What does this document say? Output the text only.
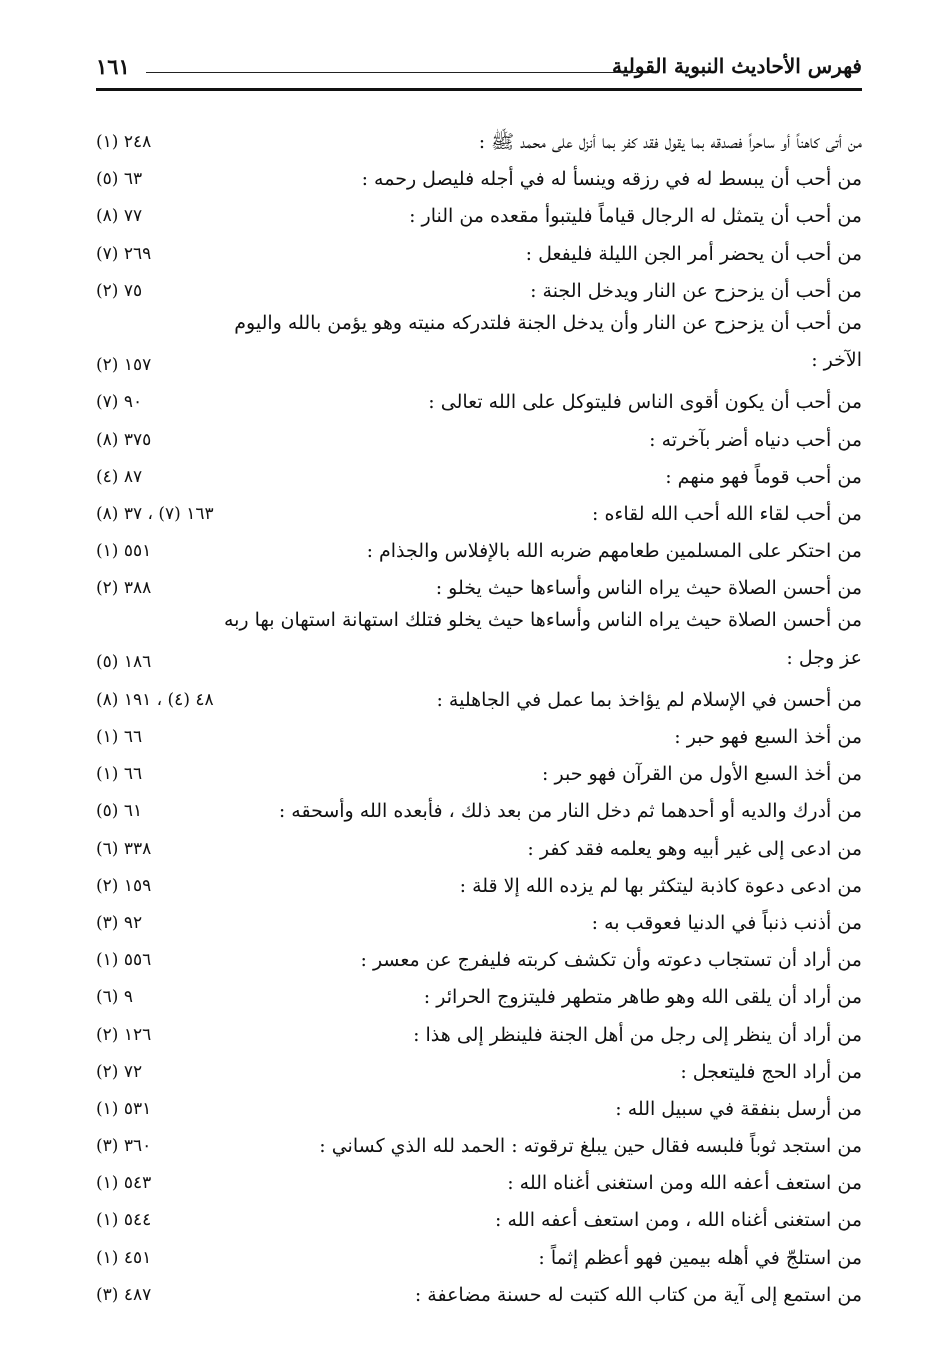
فهرس الأحاديث النبوية القولية
١٦١
من أتى كاهناً أو ساحراً فصدقه بما يقول فقد كفر بما أنزل على محمد ﷺ :
٢٤٨ (١)
من أحب أن يبسط له في رزقه وينسأ له في أجله فليصل رحمه :
٦٣ (٥)
من أحب أن يتمثل له الرجال قياماً فليتبوأ مقعده من النار :
٧٧ (٨)
من أحب أن يحضر أمر الجن الليلة فليفعل :
٢٦٩ (٧)
من أحب أن يزحزح عن النار ويدخل الجنة :
٧٥ (٢)
من أحب أن يزحزح عن النار وأن يدخل الجنة فلتدركه منيته وهو يؤمن بالله واليوم الآخر :
١٥٧ (٢)
من أحب أن يكون أقوى الناس فليتوكل على الله تعالى :
٩٠ (٧)
من أحب دنياه أضر بآخرته :
٣٧٥ (٨)
من أحب قوماً فهو منهم :
٨٧ (٤)
من أحب لقاء الله أحب الله لقاءه :
١٦٣ (٧) ، ٣٧ (٨)
من احتكر على المسلمين طعامهم ضربه الله بالإفلاس والجذام :
٥٥١ (١)
من أحسن الصلاة حيث يراه الناس وأساءها حيث يخلو :
٣٨٨ (٢)
من أحسن الصلاة حيث يراه الناس وأساءها حيث يخلو فتلك استهانة استهان بها ربه عز وجل :
١٨٦ (٥)
من أحسن في الإسلام لم يؤاخذ بما عمل في الجاهلية :
٤٨ (٤) ، ١٩١ (٨)
من أخذ السبع فهو حبر :
٦٦ (١)
من أخذ السبع الأول من القرآن فهو حبر :
٦٦ (١)
من أدرك والديه أو أحدهما ثم دخل النار من بعد ذلك ، فأبعده الله وأسحقه :
٦١ (٥)
من ادعى إلى غير أبيه وهو يعلمه فقد كفر :
٣٣٨ (٦)
من ادعى دعوة كاذبة ليتكثر بها لم يزده الله إلا قلة :
١٥٩ (٢)
من أذنب ذنباً في الدنيا فعوقب به :
٩٢ (٣)
من أراد أن تستجاب دعوته وأن تكشف كربته فليفرج عن معسر :
٥٥٦ (١)
من أراد أن يلقى الله وهو طاهر متطهر فليتزوج الحرائر :
٩ (٦)
من أراد أن ينظر إلى رجل من أهل الجنة فلينظر إلى هذا :
١٢٦ (٢)
من أراد الحج فليتعجل :
٧٢ (٢)
من أرسل بنفقة في سبيل الله :
٥٣١ (١)
من استجد ثوباً فلبسه فقال حين يبلغ ترقوته : الحمد لله الذي كساني :
٣٦٠ (٣)
من استعف أعفه الله ومن استغنى أغناه الله :
٥٤٣ (١)
من استغنى أغناه الله ، ومن استعف أعفه الله :
٥٤٤ (١)
من استلجّ في أهله بيمين فهو أعظم إثماً :
٤٥١ (١)
من استمع إلى آية من كتاب الله كتبت له حسنة مضاعفة :
٤٨٧ (٣)
